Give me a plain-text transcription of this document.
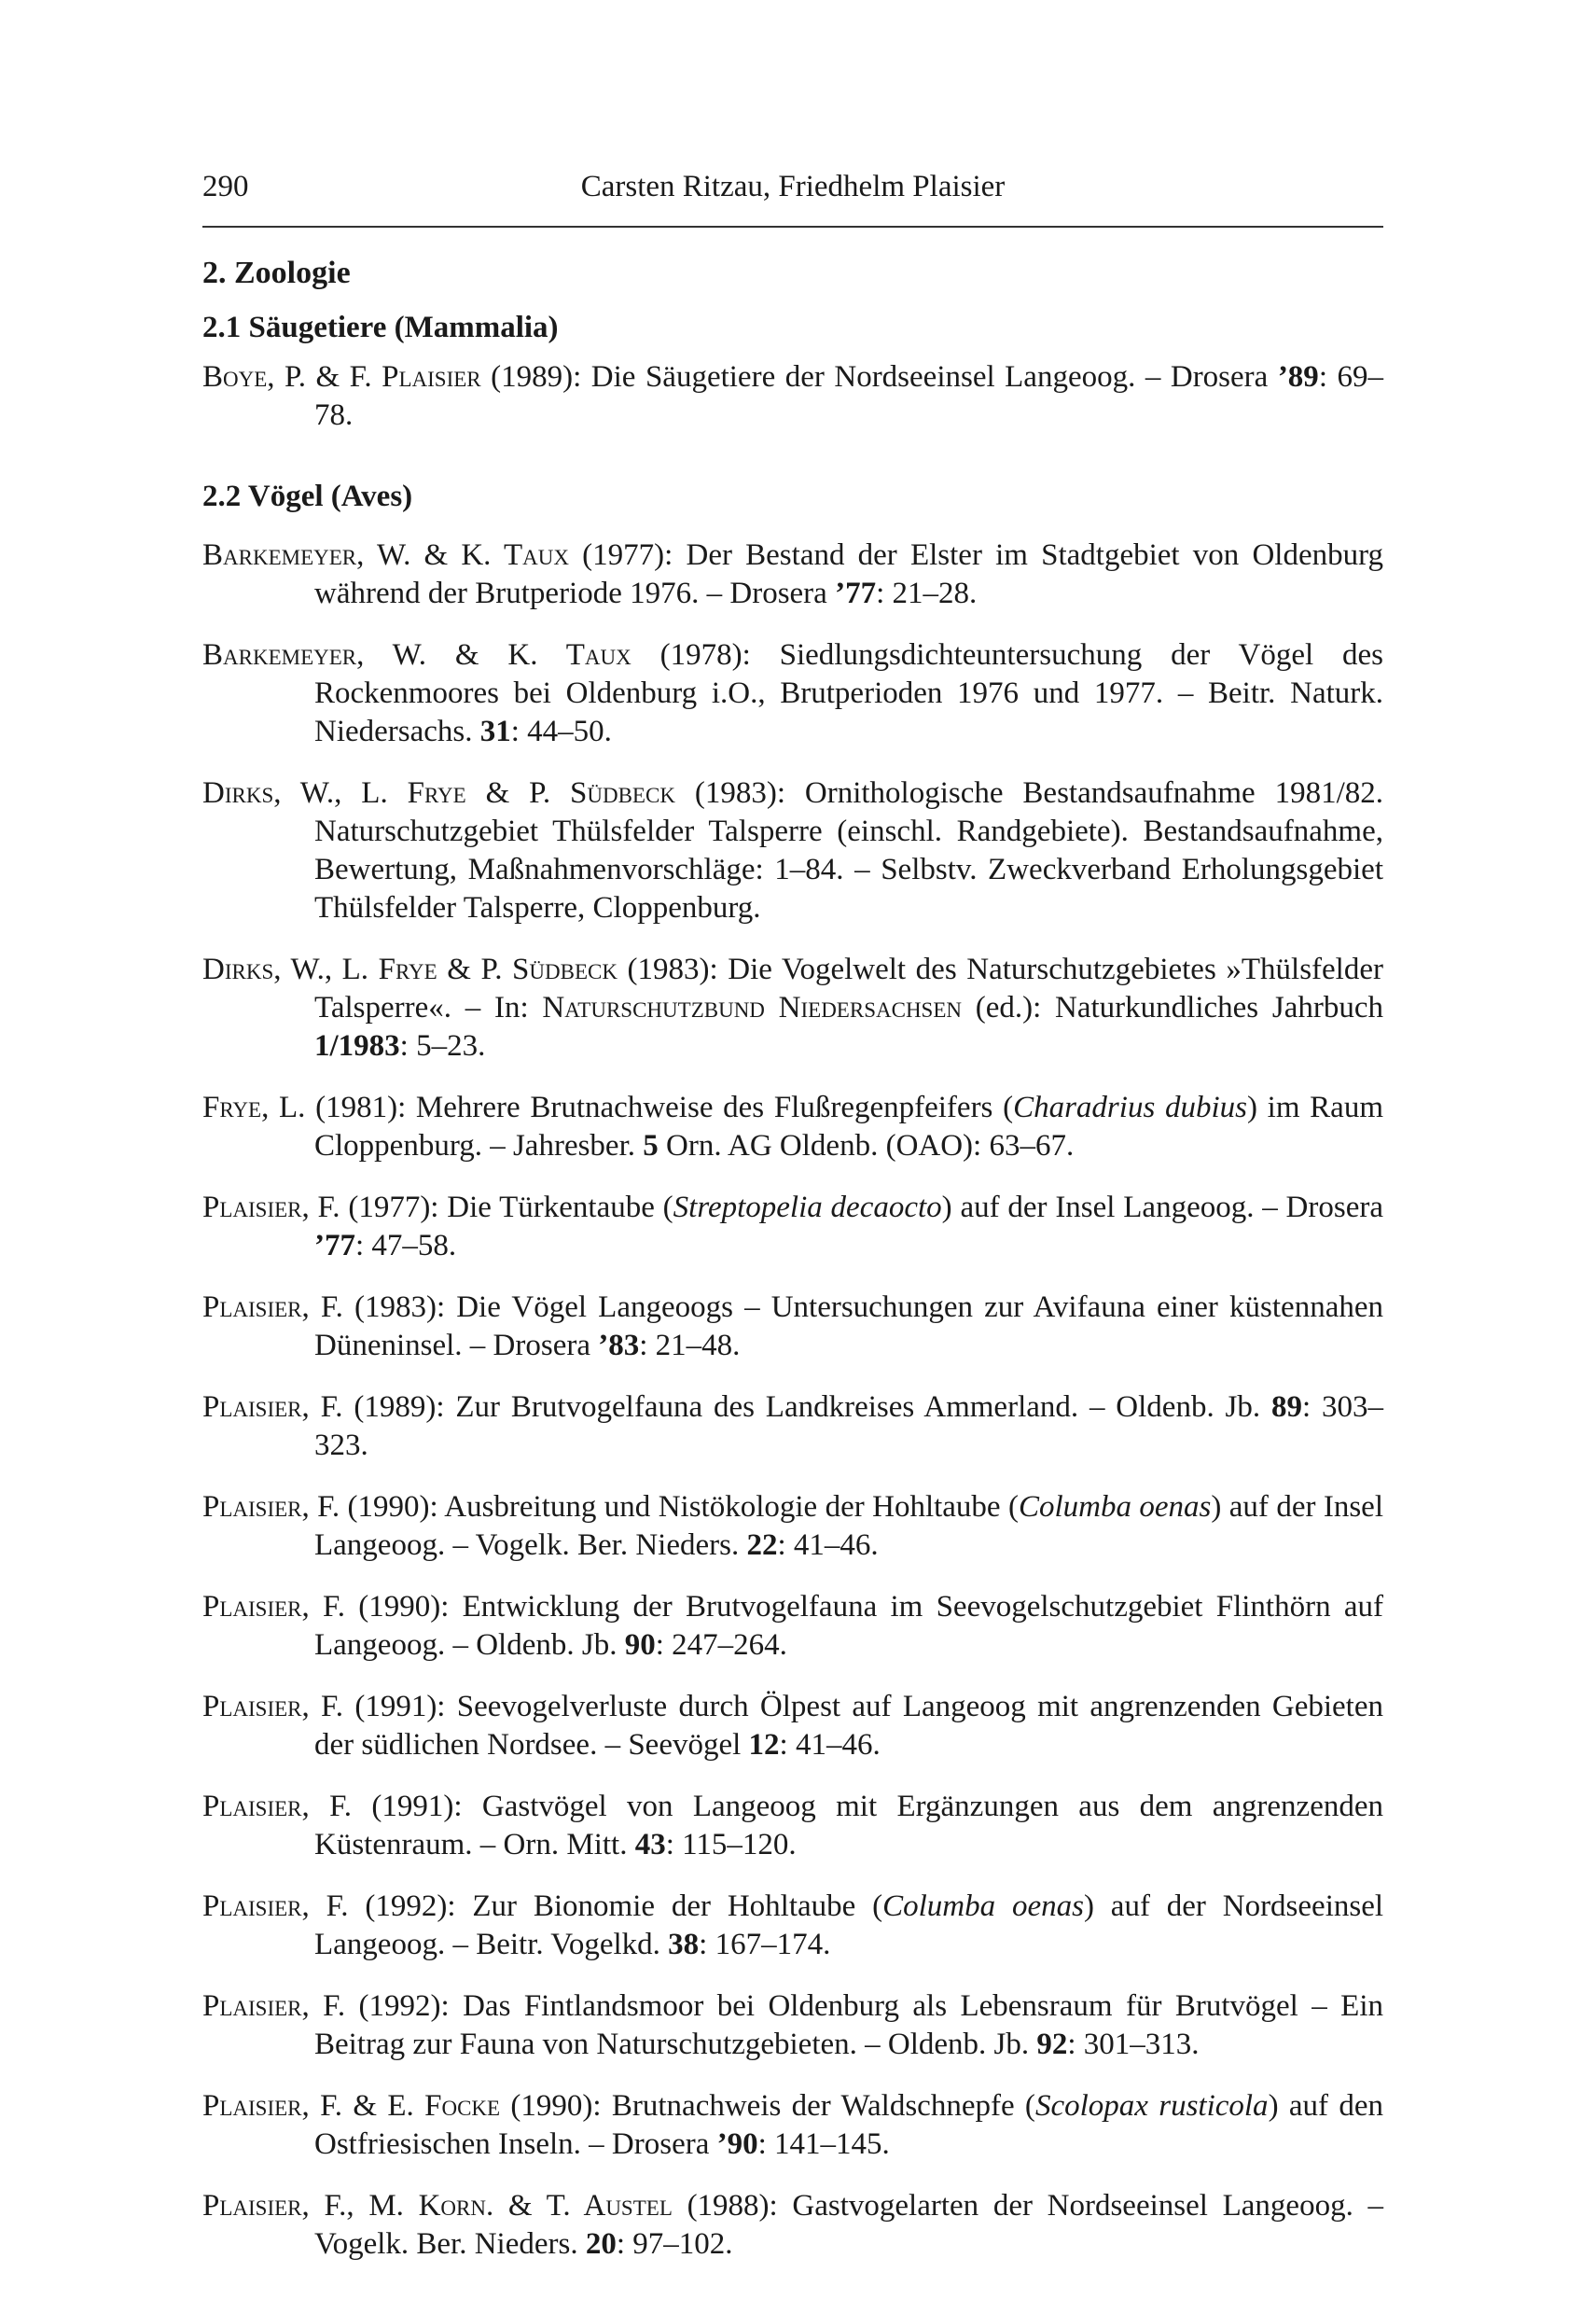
290	Carsten Ritzau, Friedhelm Plaisier
2. Zoologie
2.1 Säugetiere (Mammalia)

Boye, P. & F. Plaisier (1989): Die Säugetiere der Nordseeinsel Langeoog. – Drosera ’89: 69–78.

2.2 Vögel (Aves)

Barkemeyer, W. & K. Taux (1977): Der Bestand der Elster im Stadtgebiet von Oldenburg während der Brutperiode 1976. – Drosera ’77: 21–28.

Barkemeyer, W. & K. Taux (1978): Siedlungsdichteuntersuchung der Vögel des Rockenmoores bei Oldenburg i.O., Brutperioden 1976 und 1977. – Beitr. Naturk. Niedersachs. 31: 44–50.

Dirks, W., L. Frye & P. Südbeck (1983): Ornithologische Bestandsaufnahme 1981/82. Naturschutzgebiet Thülsfelder Talsperre (einschl. Randgebiete). Bestandsaufnahme, Bewertung, Maßnahmenvorschläge: 1–84. – Selbstv. Zweckverband Erholungsgebiet Thülsfelder Talsperre, Cloppenburg.

Dirks, W., L. Frye & P. Südbeck (1983): Die Vogelwelt des Naturschutzgebietes »Thülsfelder Talsperre«. – In: Naturschutzbund Niedersachsen (ed.): Naturkundliches Jahrbuch 1/1983: 5–23.

Frye, L. (1981): Mehrere Brutnachweise des Flußregenpfeifers (Charadrius dubius) im Raum Cloppenburg. – Jahresber. 5 Orn. AG Oldenb. (OAO): 63–67.

Plaisier, F. (1977): Die Türkentaube (Streptopelia decaocto) auf der Insel Langeoog. – Drosera ’77: 47–58.

Plaisier, F. (1983): Die Vögel Langeoogs – Untersuchungen zur Avifauna einer küstennahen Düneninsel. – Drosera ’83: 21–48.

Plaisier, F. (1989): Zur Brutvogelfauna des Landkreises Ammerland. – Oldenb. Jb. 89: 303–323.

Plaisier, F. (1990): Ausbreitung und Nistökologie der Hohltaube (Columba oenas) auf der Insel Langeoog. – Vogelk. Ber. Nieders. 22: 41–46.

Plaisier, F. (1990): Entwicklung der Brutvogelfauna im Seevogelschutzgebiet Flinthörn auf Langeoog. – Oldenb. Jb. 90: 247–264.

Plaisier, F. (1991): Seevogelverluste durch Ölpest auf Langeoog mit angrenzenden Gebieten der südlichen Nordsee. – Seevögel 12: 41–46.

Plaisier, F. (1991): Gastvögel von Langeoog mit Ergänzungen aus dem angrenzenden Küstenraum. – Orn. Mitt. 43: 115–120.

Plaisier, F. (1992): Zur Bionomie der Hohltaube (Columba oenas) auf der Nordseeinsel Langeoog. – Beitr. Vogelkd. 38: 167–174.

Plaisier, F. (1992): Das Fintlandsmoor bei Oldenburg als Lebensraum für Brutvögel – Ein Beitrag zur Fauna von Naturschutzgebieten. – Oldenb. Jb. 92: 301–313.

Plaisier, F. & E. Focke (1990): Brutnachweis der Waldschnepfe (Scolopax rusticola) auf den Ostfriesischen Inseln. – Drosera ’90: 141–145.

Plaisier, F., M. Korn. & T. Austel (1988): Gastvogelarten der Nordseeinsel Langeoog. – Vogelk. Ber. Nieders. 20: 97–102.
